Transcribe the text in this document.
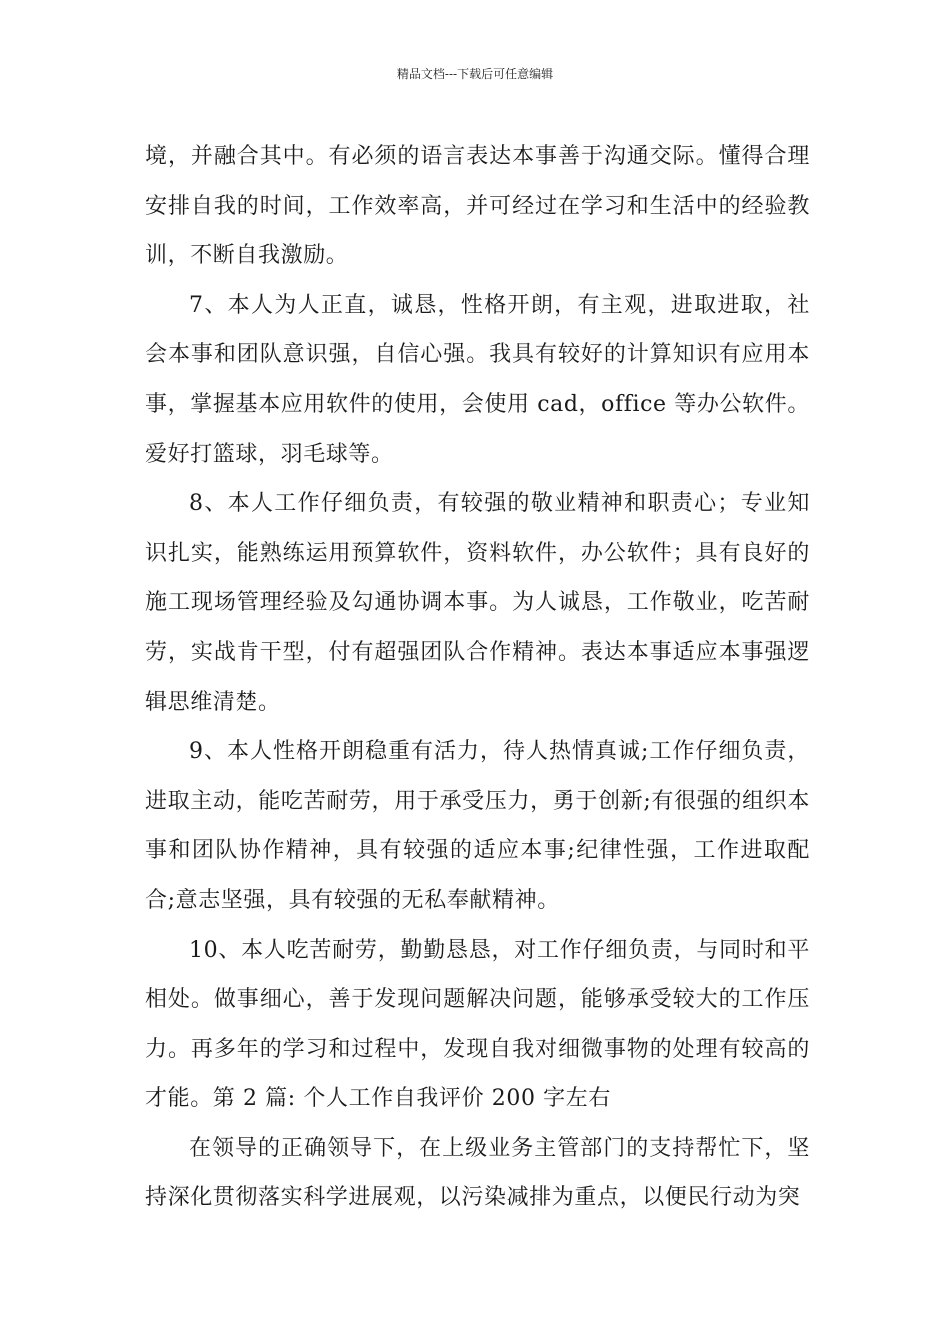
精品文档---下载后可任意编辑

境，并融合其中。有必须的语言表达本事善于沟通交际。懂得合理安排自我的时间，工作效率高，并可经过在学习和生活中的经验教训，不断自我激励。

7、本人为人正直，诚恳，性格开朗，有主观，进取进取，社会本事和团队意识强，自信心强。我具有较好的计算知识有应用本事，掌握基本应用软件的使用，会使用 cad，office 等办公软件。爱好打篮球，羽毛球等。

8、本人工作仔细负责，有较强的敬业精神和职责心；专业知识扎实，能熟练运用预算软件，资料软件，办公软件；具有良好的施工现场管理经验及勾通协调本事。为人诚恳，工作敬业，吃苦耐劳，实战肯干型，付有超强团队合作精神。表达本事适应本事强逻辑思维清楚。

9、本人性格开朗稳重有活力，待人热情真诚;工作仔细负责，进取主动，能吃苦耐劳，用于承受压力，勇于创新;有很强的组织本事和团队协作精神，具有较强的适应本事;纪律性强，工作进取配合;意志坚强，具有较强的无私奉献精神。

10、本人吃苦耐劳，勤勤恳恳，对工作仔细负责，与同时和平相处。做事细心，善于发现问题解决问题，能够承受较大的工作压力。再多年的学习和过程中，发现自我对细微事物的处理有较高的才能。第 2 篇: 个人工作自我评价 200 字左右

在领导的正确领导下，在上级业务主管部门的支持帮忙下，坚持深化贯彻落实科学进展观，以污染减排为重点，以便民行动为突
